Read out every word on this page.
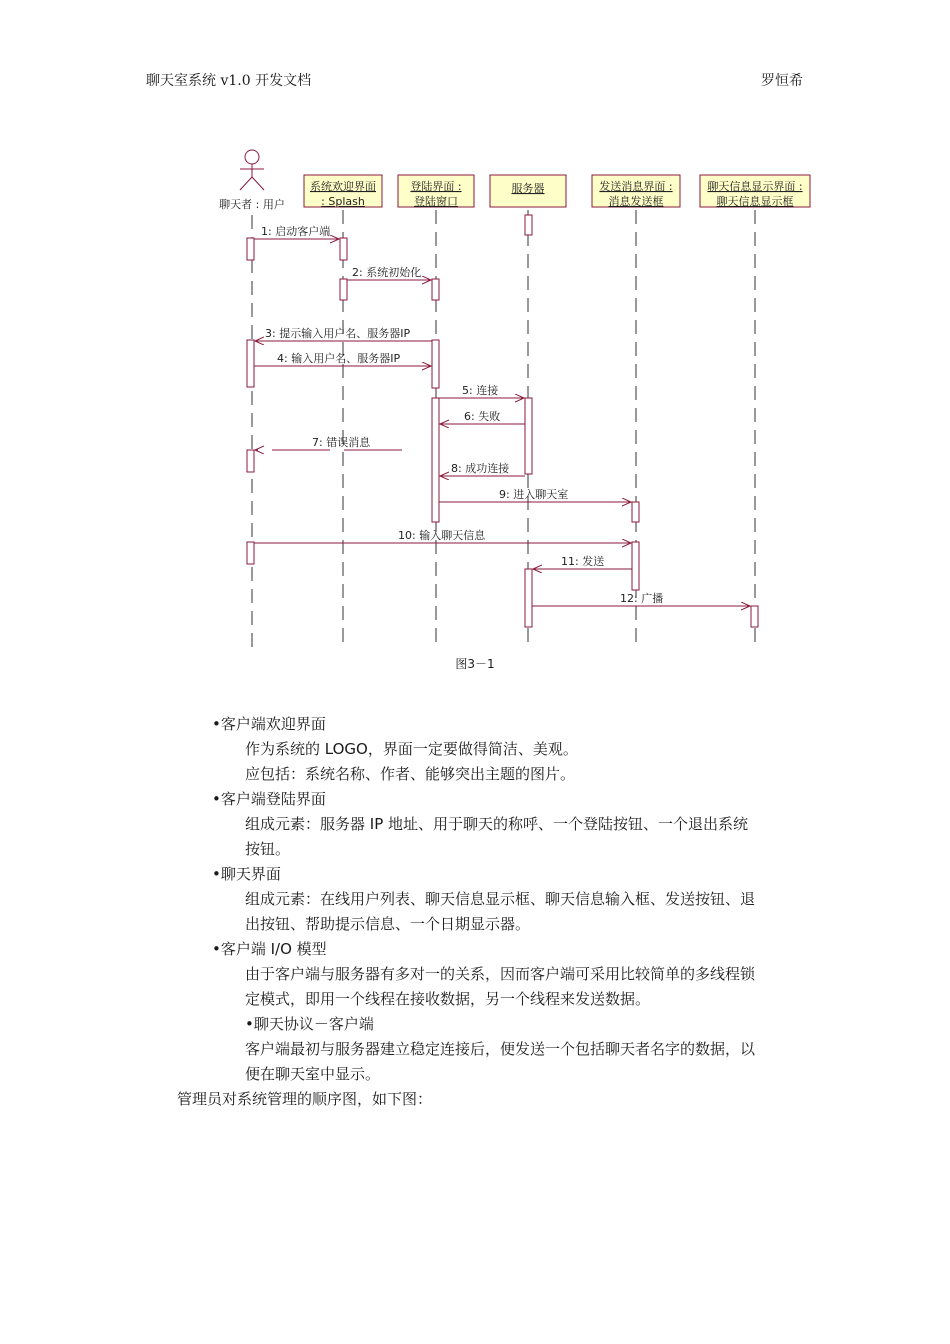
聊天室系统 v1.0 开发文档	罗恒希
聊天者 : 用户
系统欢迎界面
: Splash
登陆界面 :
登陆窗口
服务器	发送消息界面 :
消息发送框
聊天信息显示界面 :
聊天信息显示框
1: 启动客户端
2: 系统初始化
3: 提示输入用户名、服务器IP
4: 输入用户名、服务器IP
5: 连接
6: 失败
7: 错误消息
8: 成功连接
9: 进入聊天室
10: 输入聊天信息
11: 发送
12: 广播
图3－1
•客户端欢迎界面
作为系统的 LOGO，界面一定要做得简洁、美观。
应包括：系统名称、作者、能够突出主题的图片。
•客户端登陆界面
组成元素：服务器 IP 地址、用于聊天的称呼、一个登陆按钮、一个退出系统
按钮。
•聊天界面
组成元素：在线用户列表、聊天信息显示框、聊天信息输入框、发送按钮、退
出按钮、帮助提示信息、一个日期显示器。
•客户端 I/O 模型
由于客户端与服务器有多对一的关系，因而客户端可采用比较简单的多线程锁
定模式，即用一个线程在接收数据，另一个线程来发送数据。
•聊天协议－客户端
客户端最初与服务器建立稳定连接后，便发送一个包括聊天者名字的数据，以
便在聊天室中显示。
管理员对系统管理的顺序图，如下图：
